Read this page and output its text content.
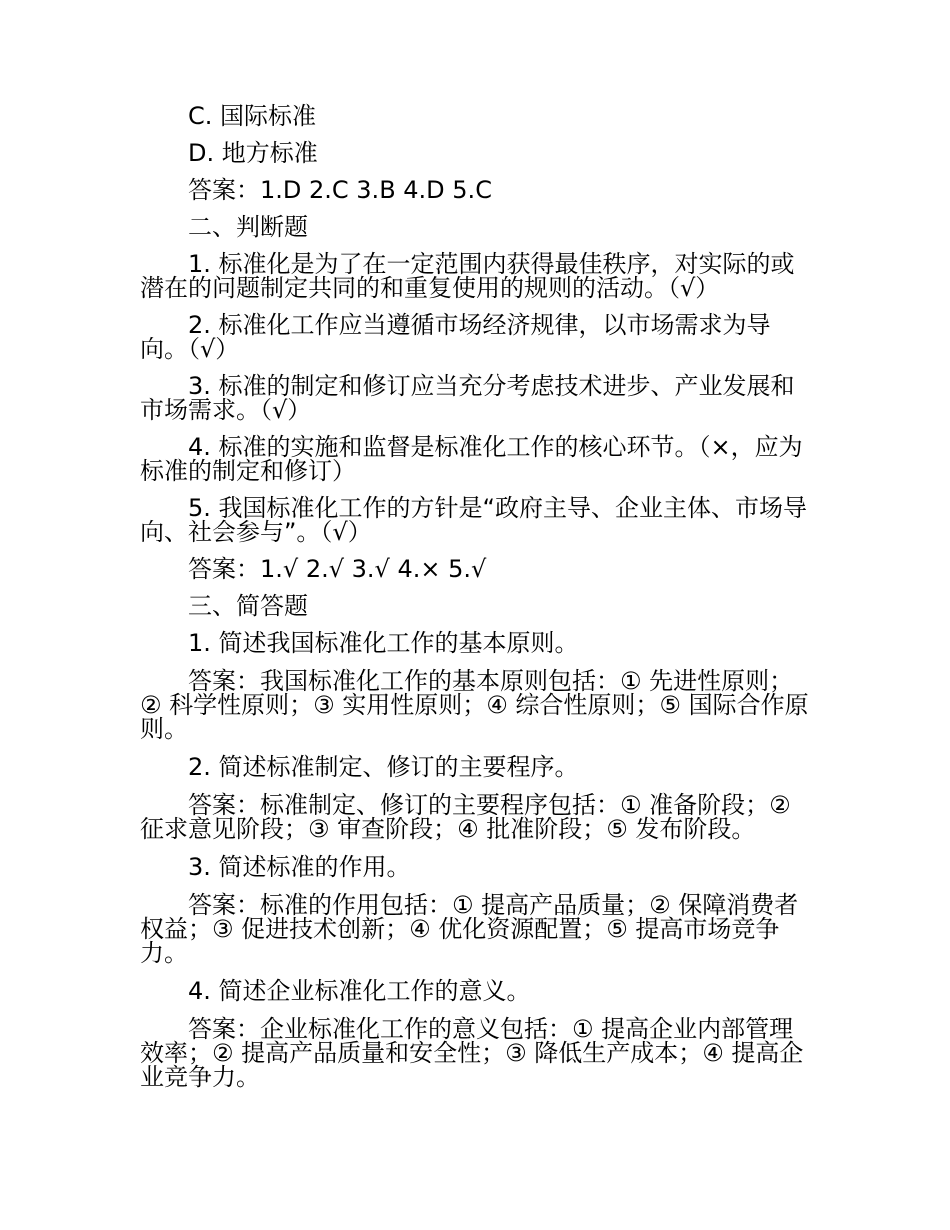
C. 国际标准

D. 地方标准

答案：1.D 2.C 3.B 4.D 5.C

二、判断题

1. 标准化是为了在一定范围内获得最佳秩序，对实际的或潜在的问题制定共同的和重复使用的规则的活动。（√）

2. 标准化工作应当遵循市场经济规律，以市场需求为导向。（√）

3. 标准的制定和修订应当充分考虑技术进步、产业发展和市场需求。（√）

4. 标准的实施和监督是标准化工作的核心环节。（×，应为标准的制定和修订）

5. 我国标准化工作的方针是“政府主导、企业主体、市场导向、社会参与”。（√）

答案：1.√ 2.√ 3.√ 4.× 5.√

三、简答题

1. 简述我国标准化工作的基本原则。

答案：我国标准化工作的基本原则包括：① 先进性原则；② 科学性原则；③ 实用性原则；④ 综合性原则；⑤ 国际合作原则。

2. 简述标准制定、修订的主要程序。

答案：标准制定、修订的主要程序包括：① 准备阶段；② 征求意见阶段；③ 审查阶段；④ 批准阶段；⑤ 发布阶段。

3. 简述标准的作用。

答案：标准的作用包括：① 提高产品质量；② 保障消费者权益；③ 促进技术创新；④ 优化资源配置；⑤ 提高市场竞争力。

4. 简述企业标准化工作的意义。

答案：企业标准化工作的意义包括：① 提高企业内部管理效率；② 提高产品质量和安全性；③ 降低生产成本；④ 提高企业竞争力。
